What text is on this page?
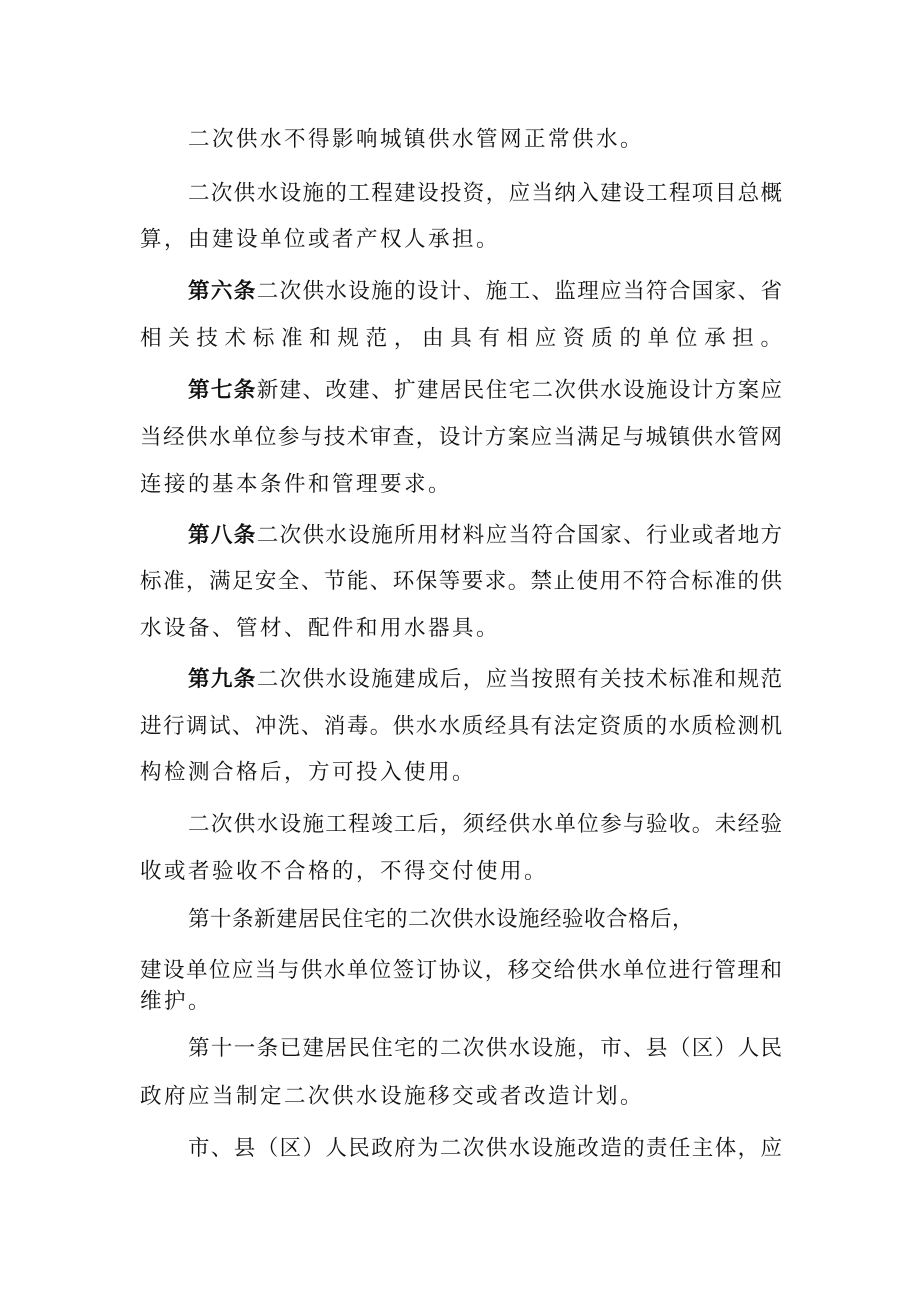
二次供水不得影响城镇供水管网正常供水。
二次供水设施的工程建设投资，应当纳入建设工程项目总概
算，由建设单位或者产权人承担。
第六条二次供水设施的设计、施工、监理应当符合国家、省
相关技术标准和规范，由具有相应资质的单位承担。
第七条新建、改建、扩建居民住宅二次供水设施设计方案应
当经供水单位参与技术审查，设计方案应当满足与城镇供水管网
连接的基本条件和管理要求。
第八条二次供水设施所用材料应当符合国家、行业或者地方
标准，满足安全、节能、环保等要求。禁止使用不符合标准的供
水设备、管材、配件和用水器具。
第九条二次供水设施建成后，应当按照有关技术标准和规范
进行调试、冲洗、消毒。供水水质经具有法定资质的水质检测机
构检测合格后，方可投入使用。
二次供水设施工程竣工后，须经供水单位参与验收。未经验
收或者验收不合格的，不得交付使用。
第十条新建居民住宅的二次供水设施经验收合格后，
建设单位应当与供水单位签订协议，移交给供水单位进行管理和
维护。
第十一条已建居民住宅的二次供水设施，市、县（区）人民
政府应当制定二次供水设施移交或者改造计划。
市、县（区）人民政府为二次供水设施改造的责任主体，应
